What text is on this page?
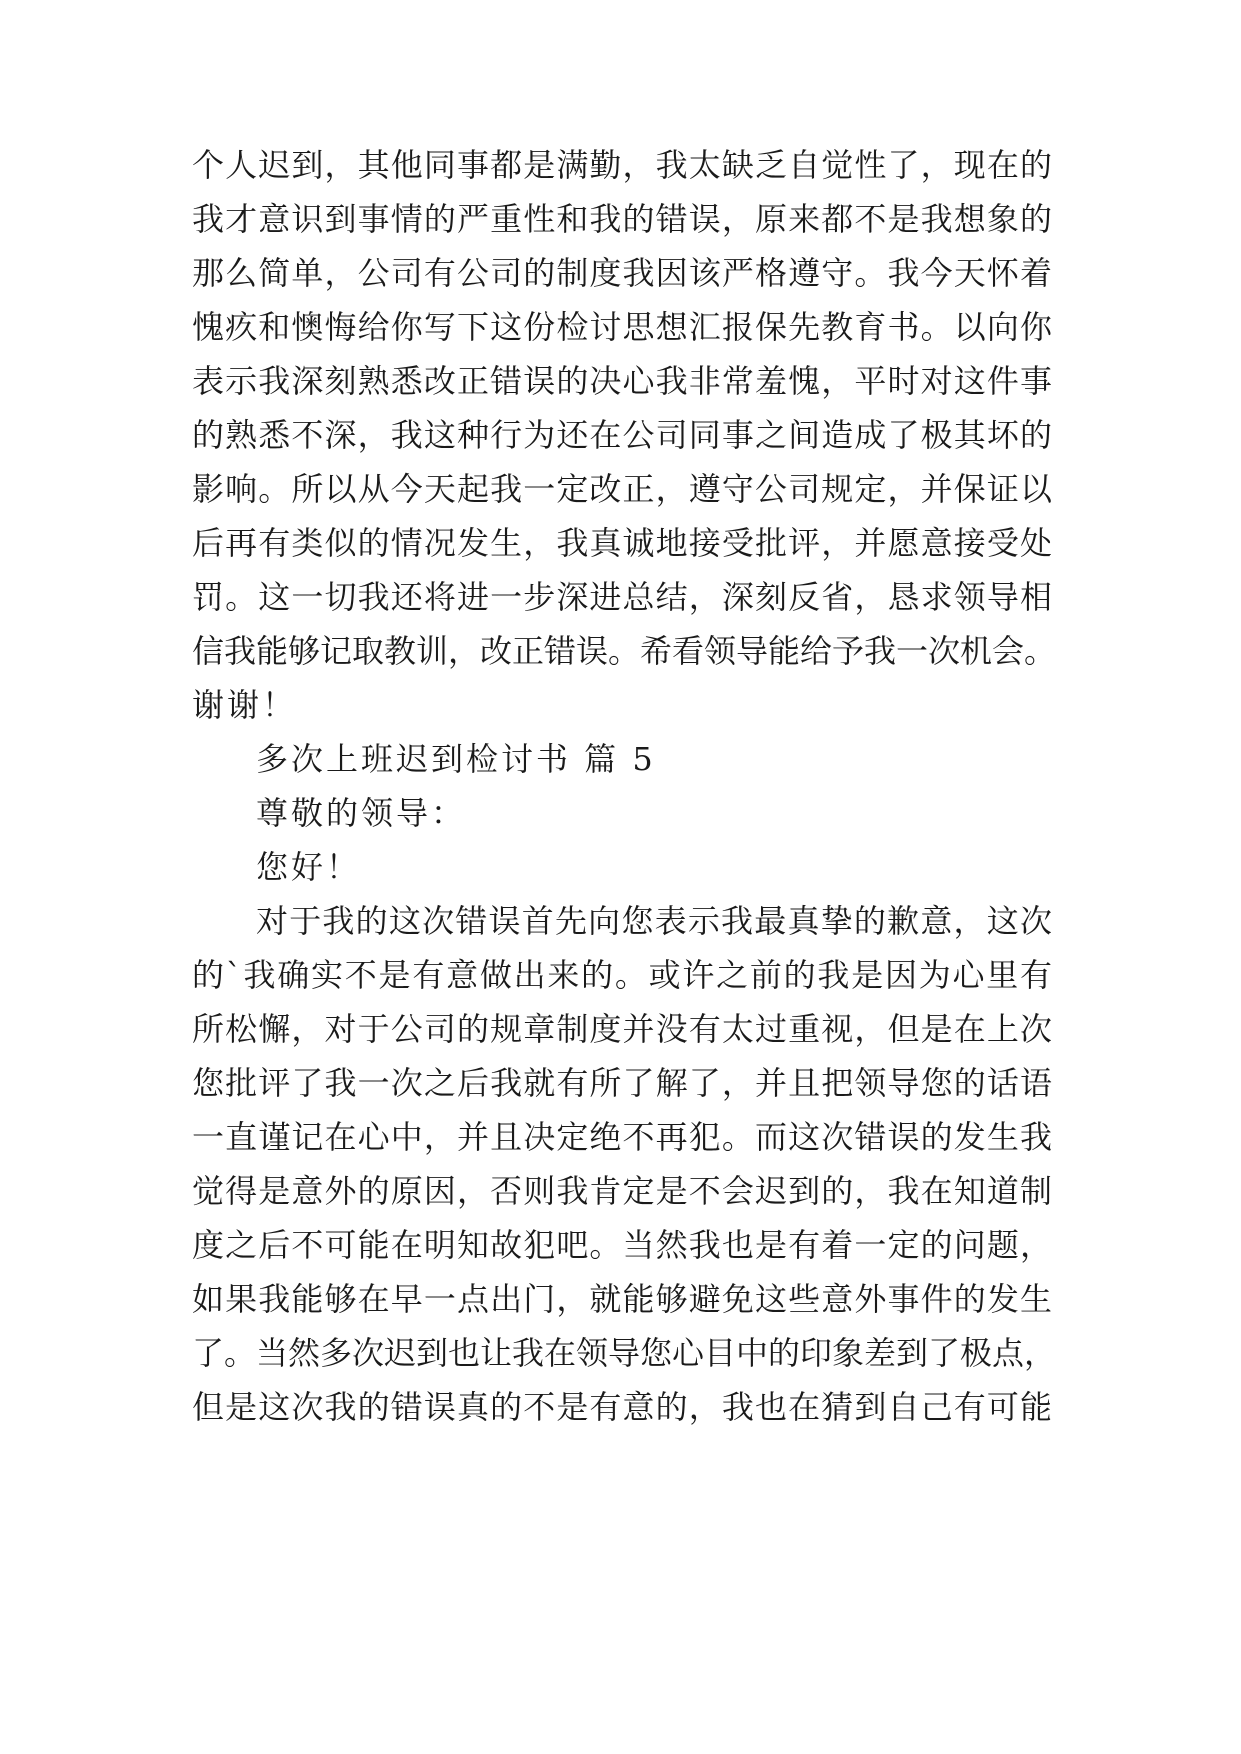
个人迟到，其他同事都是满勤，我太缺乏自觉性了，现在的
我才意识到事情的严重性和我的错误，原来都不是我想象的
那么简单，公司有公司的制度我因该严格遵守。我今天怀着
愧疚和懊悔给你写下这份检讨思想汇报保先教育书。以向你
表示我深刻熟悉改正错误的决心我非常羞愧，平时对这件事
的熟悉不深，我这种行为还在公司同事之间造成了极其坏的
影响。所以从今天起我一定改正，遵守公司规定，并保证以
后再有类似的情况发生，我真诚地接受批评，并愿意接受处
罚。这一切我还将进一步深进总结，深刻反省，恳求领导相
信我能够记取教训，改正错误。希看领导能给予我一次机会。
谢谢！
多次上班迟到检讨书 篇 5
尊敬的领导：
您好！
对于我的这次错误首先向您表示我最真挚的歉意，这次
的`我确实不是有意做出来的。或许之前的我是因为心里有
所松懈，对于公司的规章制度并没有太过重视，但是在上次
您批评了我一次之后我就有所了解了，并且把领导您的话语
一直谨记在心中，并且决定绝不再犯。而这次错误的发生我
觉得是意外的原因，否则我肯定是不会迟到的，我在知道制
度之后不可能在明知故犯吧。当然我也是有着一定的问题，
如果我能够在早一点出门，就能够避免这些意外事件的发生
了。当然多次迟到也让我在领导您心目中的印象差到了极点，
但是这次我的错误真的不是有意的，我也在猜到自己有可能
